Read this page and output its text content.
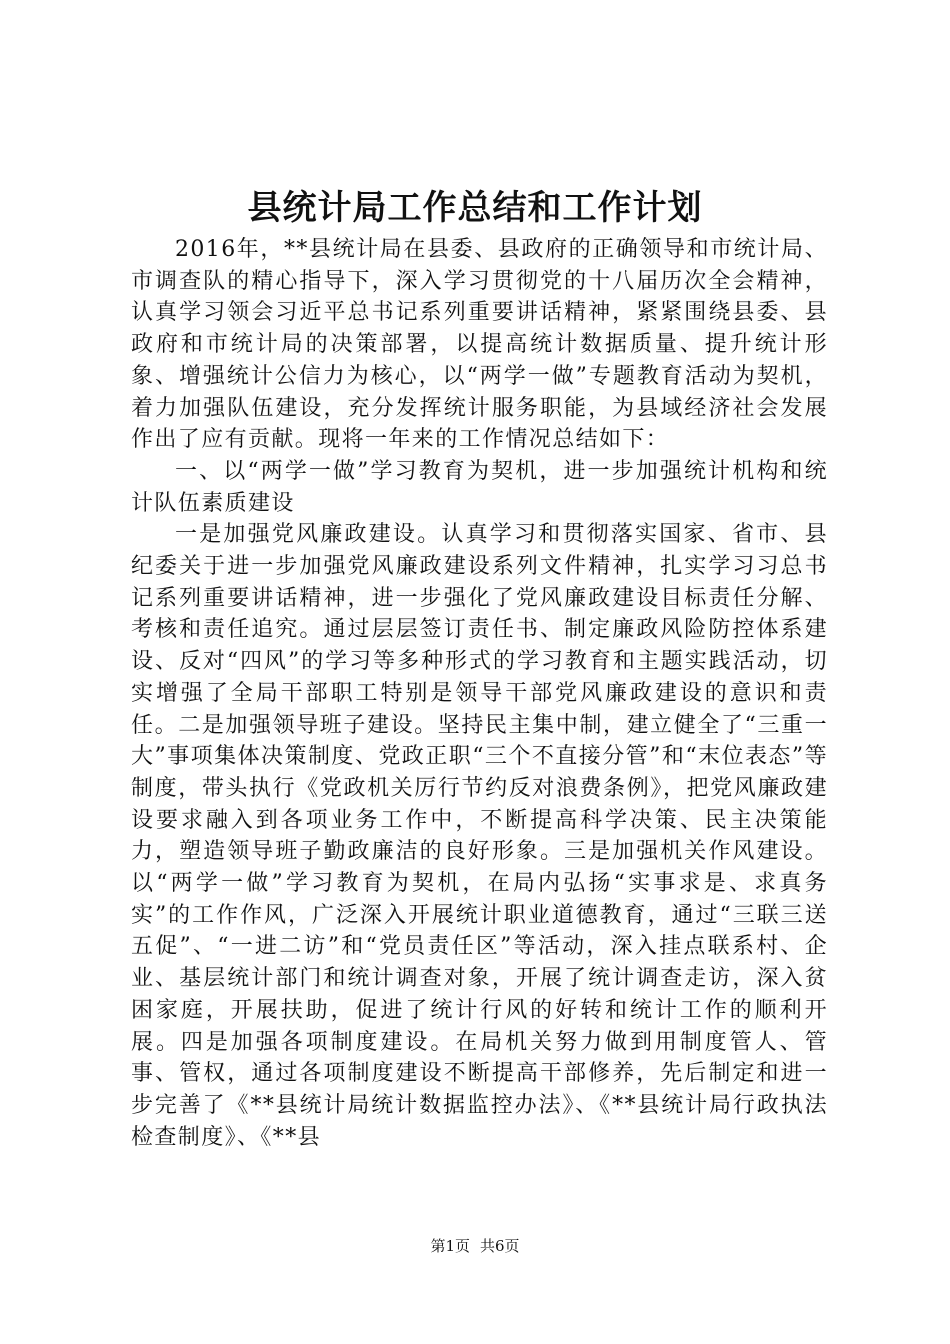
县统计局工作总结和工作计划

2016年，**县统计局在县委、县政府的正确领导和市统计局、市调查队的精心指导下，深入学习贯彻党的十八届历次全会精神，认真学习领会习近平总书记系列重要讲话精神，紧紧围绕县委、县政府和市统计局的决策部署，以提高统计数据质量、提升统计形象、增强统计公信力为核心，以“两学一做”专题教育活动为契机，着力加强队伍建设，充分发挥统计服务职能，为县域经济社会发展作出了应有贡献。现将一年来的工作情况总结如下：

一、以“两学一做”学习教育为契机，进一步加强统计机构和统计队伍素质建设

一是加强党风廉政建设。认真学习和贯彻落实国家、省市、县纪委关于进一步加强党风廉政建设系列文件精神，扎实学习习总书记系列重要讲话精神，进一步强化了党风廉政建设目标责任分解、考核和责任追究。通过层层签订责任书、制定廉政风险防控体系建设、反对“四风”的学习等多种形式的学习教育和主题实践活动，切实增强了全局干部职工特别是领导干部党风廉政建设的意识和责任。二是加强领导班子建设。坚持民主集中制，建立健全了“三重一大”事项集体决策制度、党政正职“三个不直接分管”和“末位表态”等制度，带头执行《党政机关厉行节约反对浪费条例》，把党风廉政建设要求融入到各项业务工作中，不断提高科学决策、民主决策能力，塑造领导班子勤政廉洁的良好形象。三是加强机关作风建设。以“两学一做”学习教育为契机，在局内弘扬“实事求是、求真务实”的工作作风，广泛深入开展统计职业道德教育，通过“三联三送五促”、“一进二访”和“党员责任区”等活动，深入挂点联系村、企业、基层统计部门和统计调查对象，开展了统计调查走访，深入贫困家庭，开展扶助，促进了统计行风的好转和统计工作的顺利开展。四是加强各项制度建设。在局机关努力做到用制度管人、管事、管权，通过各项制度建设不断提高干部修养，先后制定和进一步完善了《**县统计局统计数据监控办法》、《**县统计局行政执法检查制度》、《**县

第1页 共6页
